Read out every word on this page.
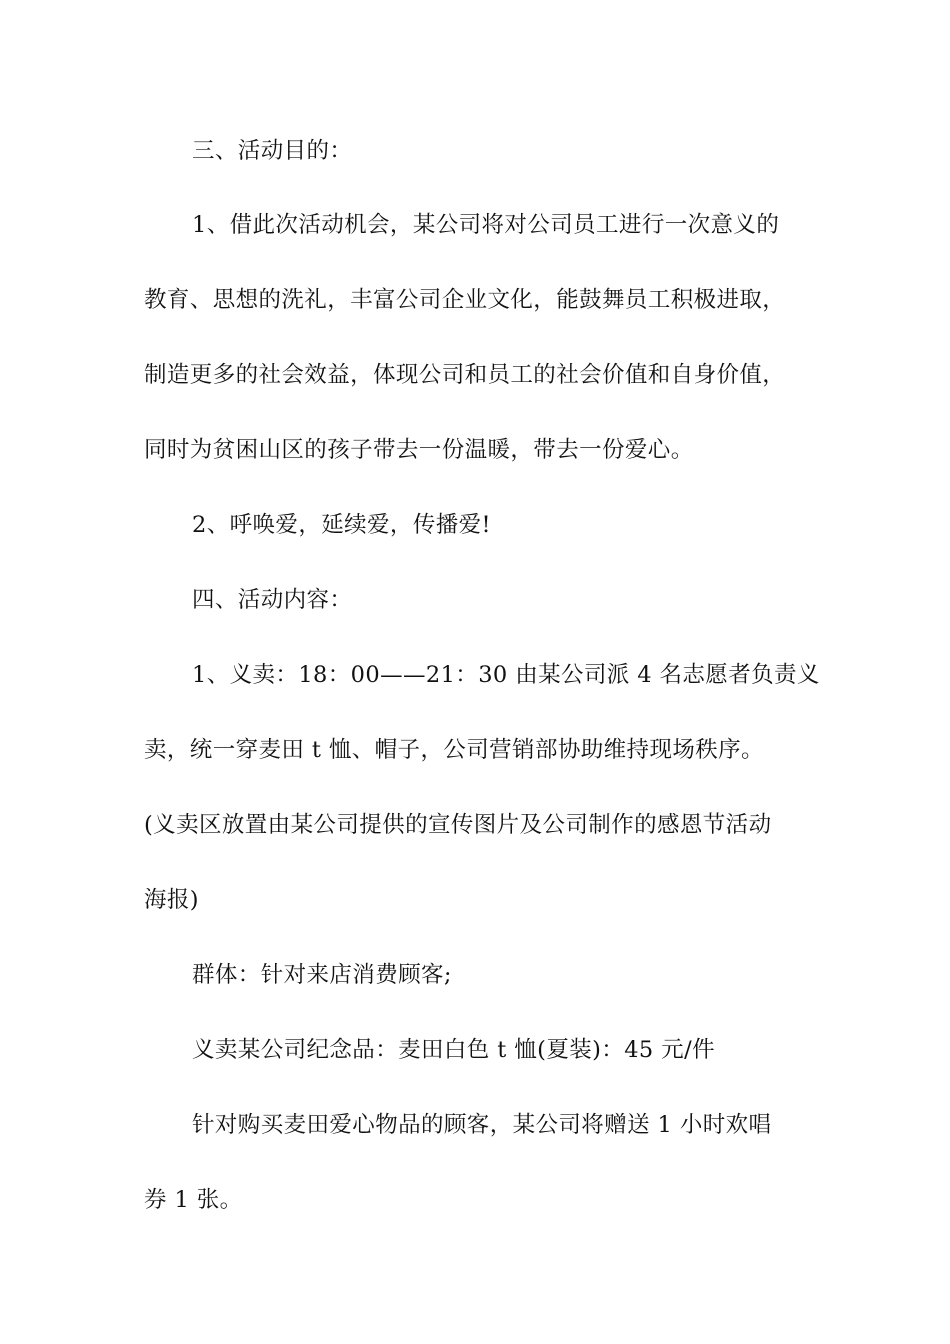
三、活动目的：

1、借此次活动机会，某公司将对公司员工进行一次意义的

教育、思想的洗礼，丰富公司企业文化，能鼓舞员工积极进取，

制造更多的社会效益，体现公司和员工的社会价值和自身价值，

同时为贫困山区的孩子带去一份温暖，带去一份爱心。

2、呼唤爱，延续爱，传播爱!

四、活动内容：

1、义卖：18：00——21：30 由某公司派 4 名志愿者负责义

卖，统一穿麦田 t 恤、帽子，公司营销部协助维持现场秩序。

(义卖区放置由某公司提供的宣传图片及公司制作的感恩节活动

海报)

群体：针对来店消费顾客;

义卖某公司纪念品：麦田白色 t 恤(夏装)：45 元/件

针对购买麦田爱心物品的顾客，某公司将赠送 1 小时欢唱

券 1 张。
